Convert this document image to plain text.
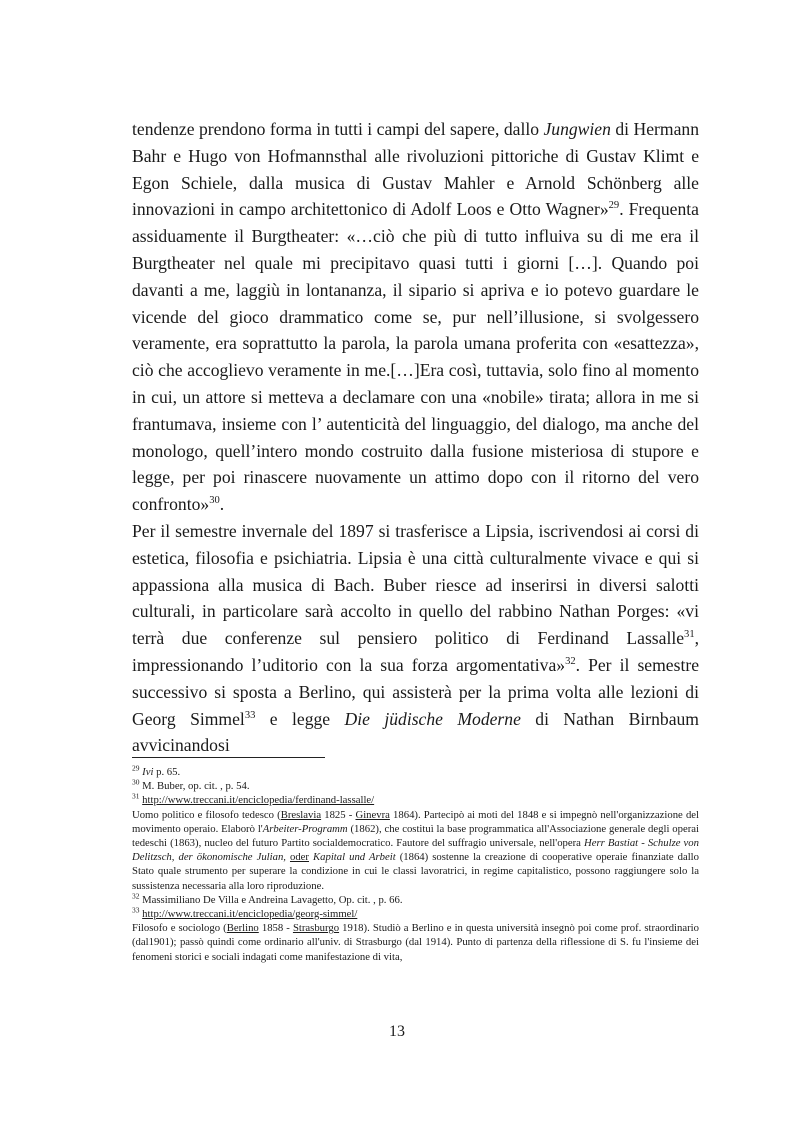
tendenze prendono forma in tutti i campi del sapere, dallo Jungwien di Hermann Bahr e Hugo von Hofmannsthal alle rivoluzioni pittoriche di Gustav Klimt e Egon Schiele, dalla musica di Gustav Mahler e Arnold Schönberg alle innovazioni in campo architettonico di Adolf Loos e Otto Wagner»$^{29}$. Frequenta assiduamente il Burgtheater: «…ciò che più di tutto influiva su di me era il Burgtheater nel quale mi precipitavo quasi tutti i giorni […]. Quando poi davanti a me, laggiù in lontananza, il sipario si apriva e io potevo guardare le vicende del gioco drammatico come se, pur nell’illusione, si svolgessero veramente, era soprattutto la parola, la parola umana proferita con «esattezza», ciò che accoglievo veramente in me.[…]Era così, tuttavia, solo fino al momento in cui, un attore si metteva a declamare con una «nobile» tirata; allora in me si frantumava, insieme con l’ autenticità del linguaggio, del dialogo, ma anche del monologo, quell’intero mondo costruito dalla fusione misteriosa di stupore e legge, per poi rinascere nuovamente un attimo dopo con il ritorno del vero confronto»$^{30}$.

Per il semestre invernale del 1897 si trasferisce a Lipsia, iscrivendosi ai corsi di estetica, filosofia e psichiatria. Lipsia è una città culturalmente vivace e qui si appassiona alla musica di Bach. Buber riesce ad inserirsi in diversi salotti culturali, in particolare sarà accolto in quello del rabbino Nathan Porges: «vi terrà due conferenze sul pensiero politico di Ferdinand Lassalle$^{31}$, impressionando l’uditorio con la sua forza argomentativa»$^{32}$. Per il semestre successivo si sposta a Berlino, qui assisterà per la prima volta alle lezioni di Georg Simmel$^{33}$ e legge Die jüdische Moderne di Nathan Birnbaum avvicinandosi

$^{29}$ Ivi p. 65.
$^{30}$ M. Buber, op. cit. , p. 54.
$^{31}$ http://www.treccani.it/enciclopedia/ferdinand-lassalle/
Uomo politico e filosofo tedesco (Breslavia 1825 - Ginevra 1864). Partecipò ai moti del 1848 e si impegnò nell'organizzazione del movimento operaio. Elaborò l'Arbeiter-Programm (1862), che costituì la base programmatica all'Associazione generale degli operai tedeschi (1863), nucleo del futuro Partito socialdemocratico. Fautore del suffragio universale, nell'opera Herr Bastiat - Schulze von Delitzsch, der ökonomische Julian, oder Kapital und Arbeit (1864) sostenne la creazione di cooperative operaie finanziate dallo Stato quale strumento per superare la condizione in cui le classi lavoratrici, in regime capitalistico, possono raggiungere solo la sussistenza necessaria alla loro riproduzione.
$^{32}$ Massimiliano De Villa e Andreina Lavagetto, Op. cit. , p. 66.
$^{33}$ http://www.treccani.it/enciclopedia/georg-simmel/
Filosofo e sociologo (Berlino 1858 - Strasburgo 1918). Studiò a Berlino e in questa università insegnò poi come prof. straordinario (dal1901); passò quindi come ordinario all'univ. di Strasburgo (dal 1914). Punto di partenza della riflessione di S. fu l'insieme dei fenomeni storici e sociali indagati come manifestazione di vita,
13
